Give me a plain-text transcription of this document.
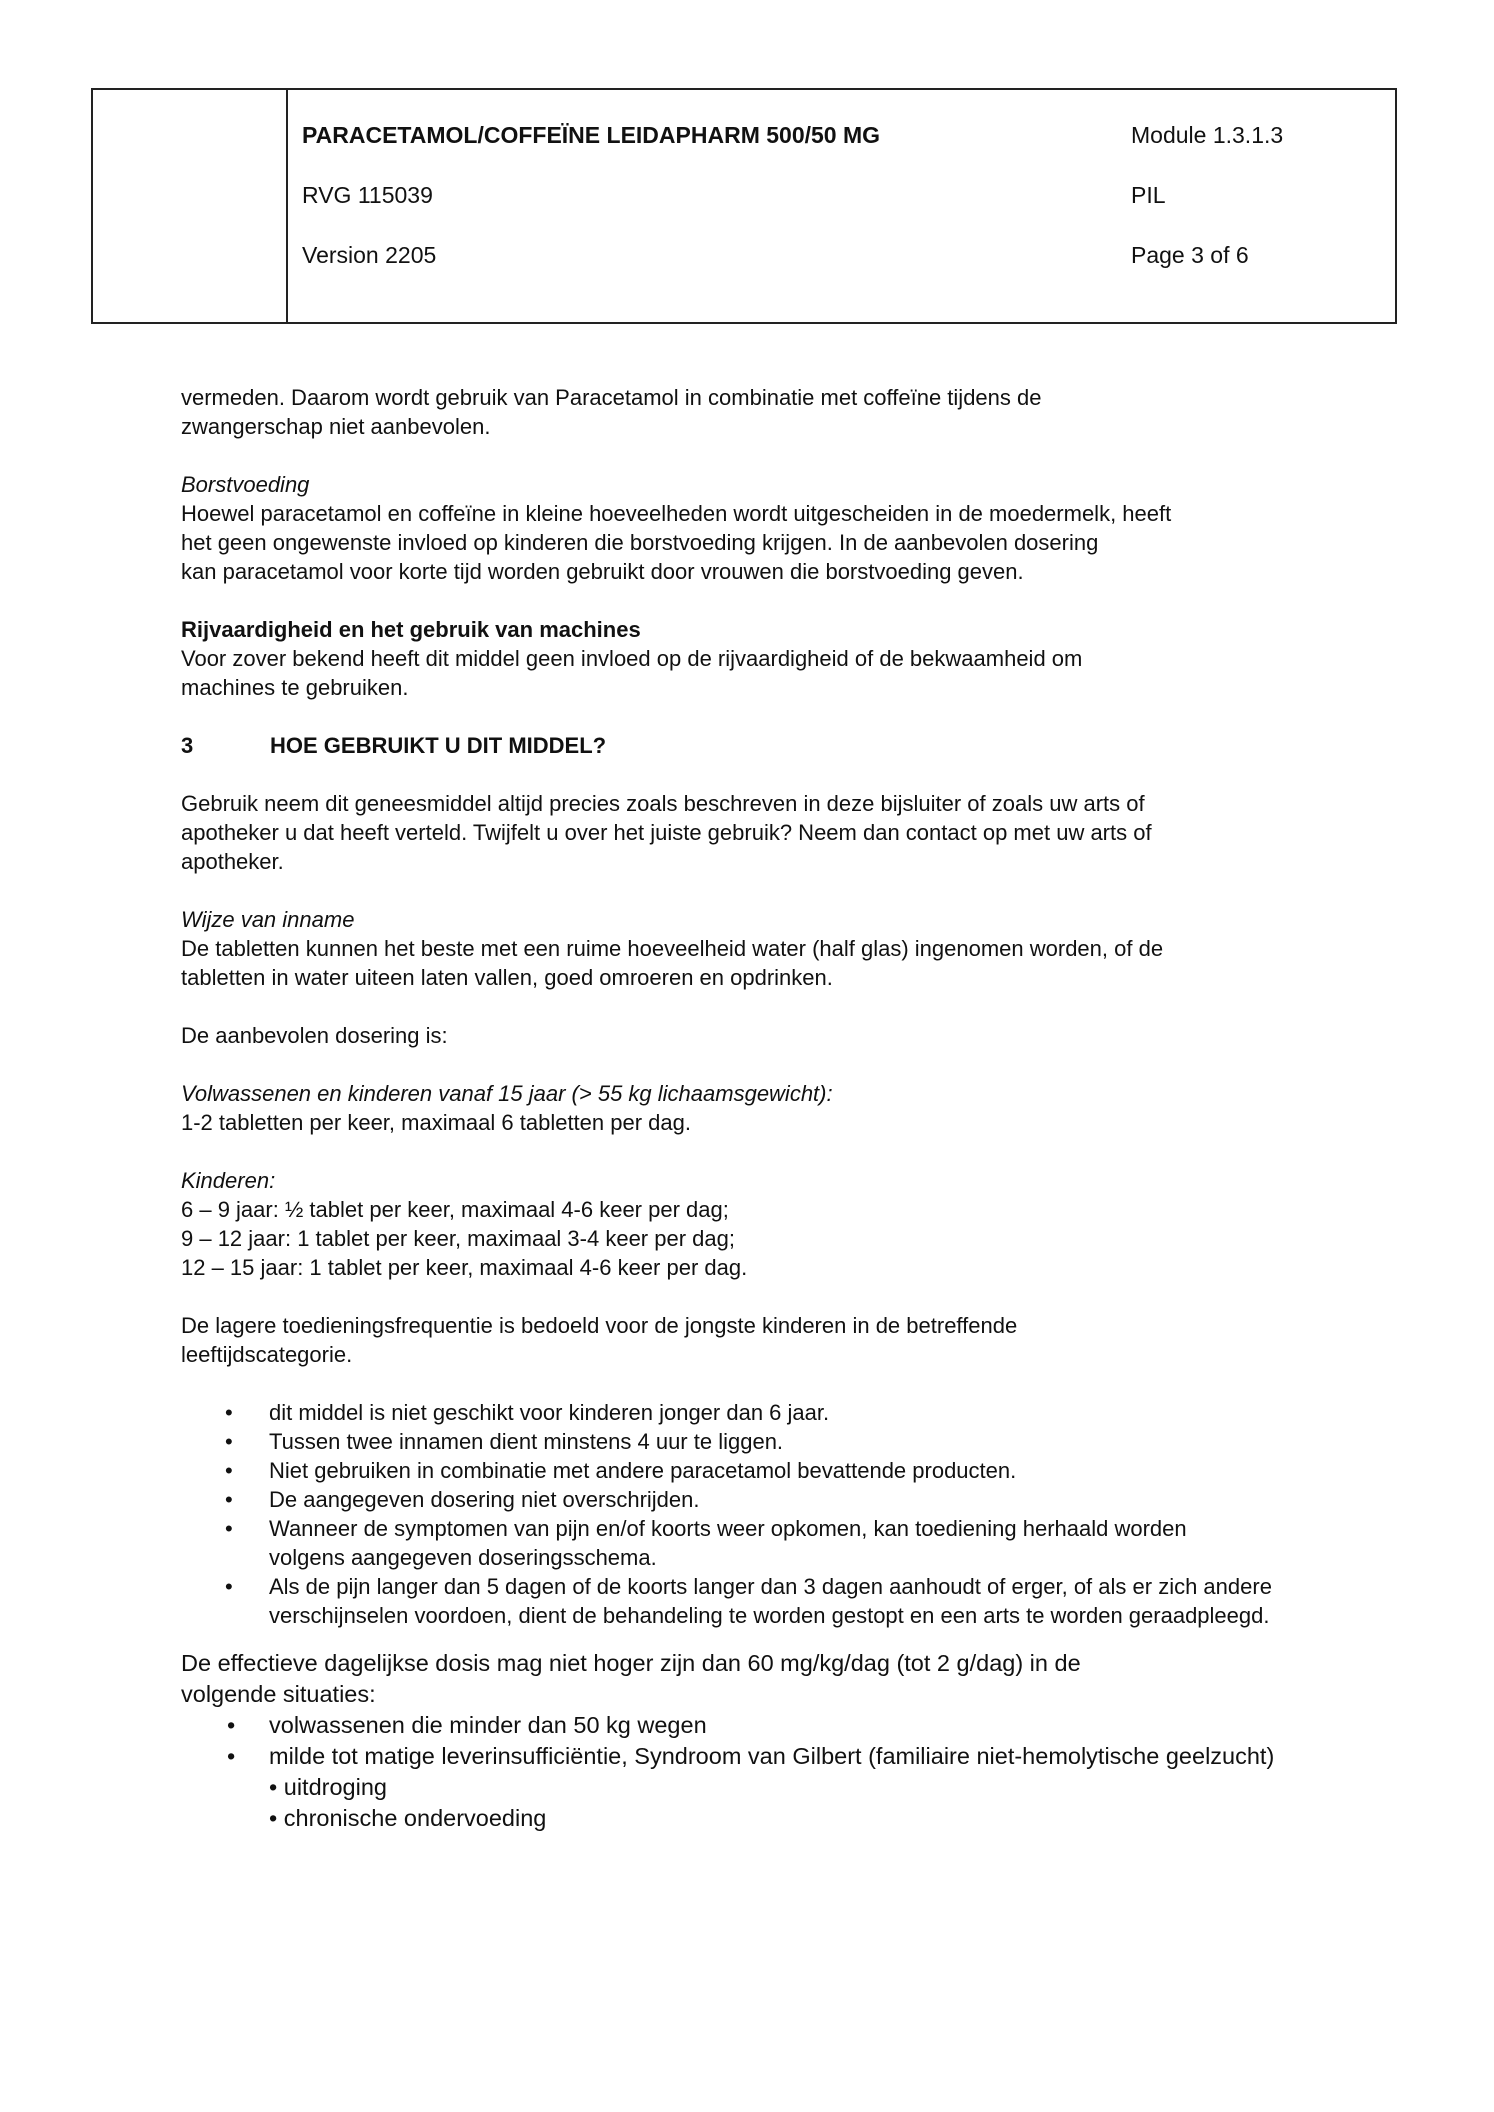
PARACETAMOL/COFFEÏNE LEIDAPHARM 500/50 MG
RVG 115039
Version 2205
Module 1.3.1.3
PIL
Page 3 of 6

vermeden. Daarom wordt gebruik van Paracetamol in combinatie met coffeïne tijdens de

zwangerschap niet aanbevolen.

Borstvoeding

Hoewel paracetamol en coffeïne in kleine hoeveelheden wordt uitgescheiden in de moedermelk, heeft

het geen ongewenste invloed op kinderen die borstvoeding krijgen. In de aanbevolen dosering

kan paracetamol voor korte tijd worden gebruikt door vrouwen die borstvoeding geven.

Rijvaardigheid en het gebruik van machines

Voor zover bekend heeft dit middel geen invloed op de rijvaardigheid of de bekwaamheid om

machines te gebruiken.

3	HOE GEBRUIKT U DIT MIDDEL?

Gebruik neem dit geneesmiddel altijd precies zoals beschreven in deze bijsluiter of zoals uw arts of

apotheker u dat heeft verteld. Twijfelt u over het juiste gebruik? Neem dan contact op met uw arts of

apotheker.

Wijze van inname

De tabletten kunnen het beste met een ruime hoeveelheid water (half glas) ingenomen worden, of de

tabletten in water uiteen laten vallen, goed omroeren en opdrinken.

De aanbevolen dosering is:

Volwassenen en kinderen vanaf 15 jaar (> 55 kg lichaamsgewicht):

1-2 tabletten per keer, maximaal 6 tabletten per dag.

Kinderen:

6 – 9 jaar: ½ tablet per keer, maximaal 4-6 keer per dag;

9 – 12 jaar: 1 tablet per keer, maximaal 3-4 keer per dag;

12 – 15 jaar: 1 tablet per keer, maximaal 4-6 keer per dag.

De lagere toedieningsfrequentie is bedoeld voor de jongste kinderen in de betreffende

leeftijdscategorie.

• dit middel is niet geschikt voor kinderen jonger dan 6 jaar.
• Tussen twee innamen dient minstens 4 uur te liggen.
• Niet gebruiken in combinatie met andere paracetamol bevattende producten.
• De aangegeven dosering niet overschrijden.
• Wanneer de symptomen van pijn en/of koorts weer opkomen, kan toediening herhaald worden volgens aangegeven doseringsschema.
• Als de pijn langer dan 5 dagen of de koorts langer dan 3 dagen aanhoudt of erger, of als er zich andere verschijnselen voordoen, dient de behandeling te worden gestopt en een arts te worden geraadpleegd.

De effectieve dagelijkse dosis mag niet hoger zijn dan 60 mg/kg/dag (tot 2 g/dag) in de

volgende situaties:

• volwassenen die minder dan 50 kg wegen
• milde tot matige leverinsufficiëntie, Syndroom van Gilbert (familiaire niet-hemolytische geelzucht)

• uitdroging

• chronische ondervoeding
